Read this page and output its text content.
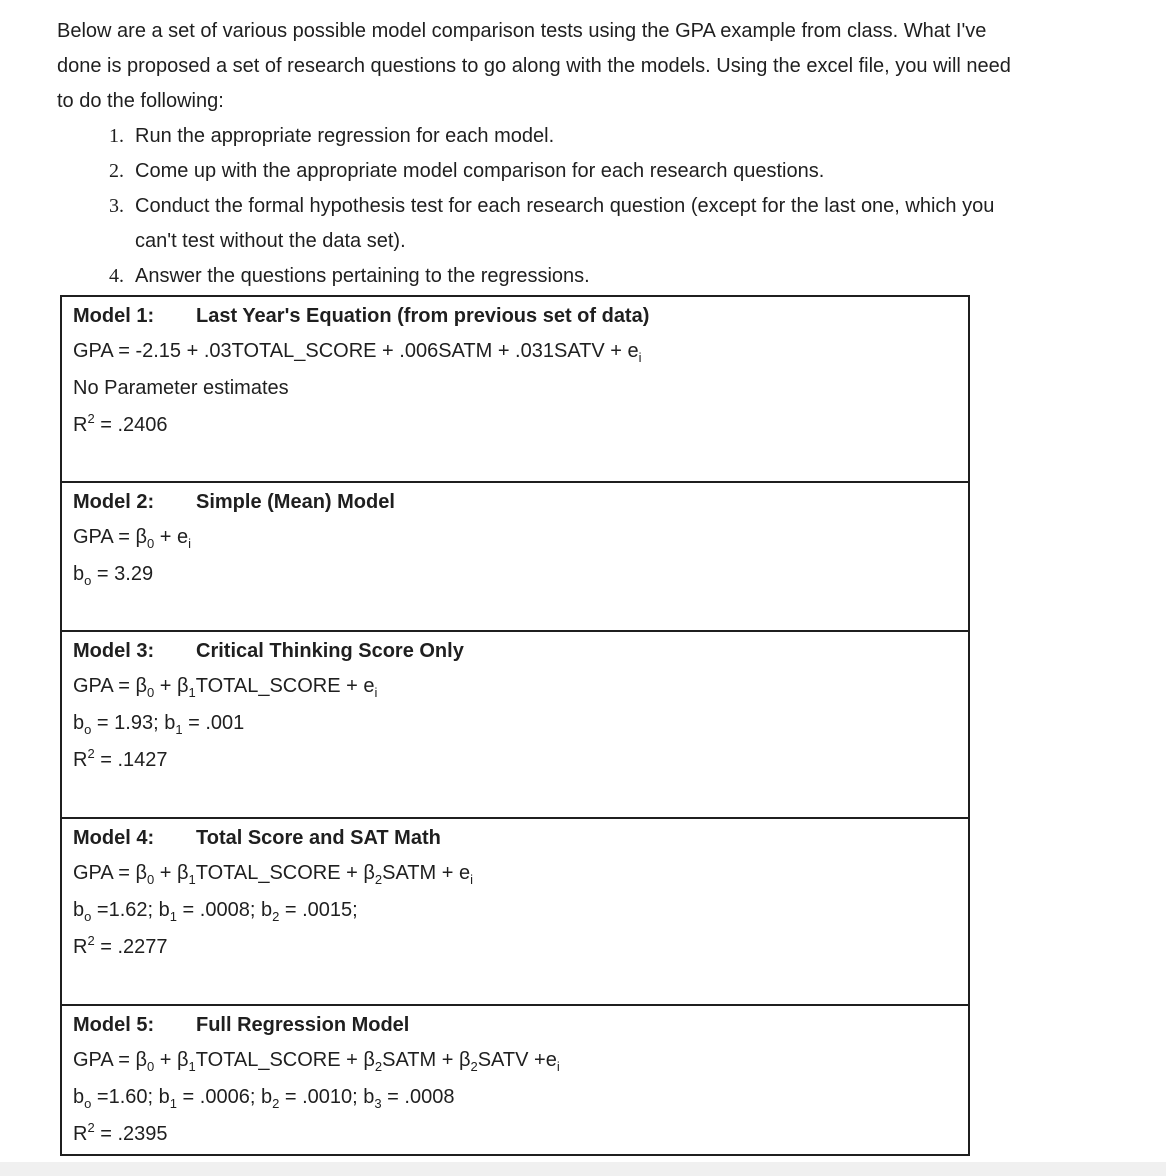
Below are a set of various possible model comparison tests using the GPA example from class. What I've
done is proposed a set of research questions to go along with the models. Using the excel file, you will need
to do the following:

1. Run the appropriate regression for each model.
2. Come up with the appropriate model comparison for each research questions.
3. Conduct the formal hypothesis test for each research question (except for the last one, which you
can't test without the data set).
4. Answer the questions pertaining to the regressions.
Model 1: Last Year's Equation (from previous set of data)
GPA = -2.15 + .03TOTAL_SCORE + .006SATM + .031SATV + $e_i$
No Parameter estimates
$R^2 = .2406$
Model 2: Simple (Mean) Model
GPA = $\beta_0 + e_i$
$b_o = 3.29$
Model 3: Critical Thinking Score Only
GPA = $\beta_0$ + $\beta_1TOTAL\_SCORE + e_i$
$b_o = 1.93$; $b_1 = .001$
$R^2 = .1427$
Model 4: Total Score and SAT Math
GPA = $\beta_0$ + $\beta_1TOTAL\_SCORE$ + $\beta_2SATM + e_i$
$b_o =1.62$; $b_1 = .0008$; $b_2 = .0015$;
$R^2 = .2277$
Model 5: Full Regression Model
GPA = $\beta_0$ + $\beta_1TOTAL\_SCORE$ + $\beta_2SATM$ + $\beta_2SATV +e_i$
$b_o =1.60$; $b_1 = .0006$; $b_2 = .0010$; $b_3 = .0008$
$R^2 = .2395$
